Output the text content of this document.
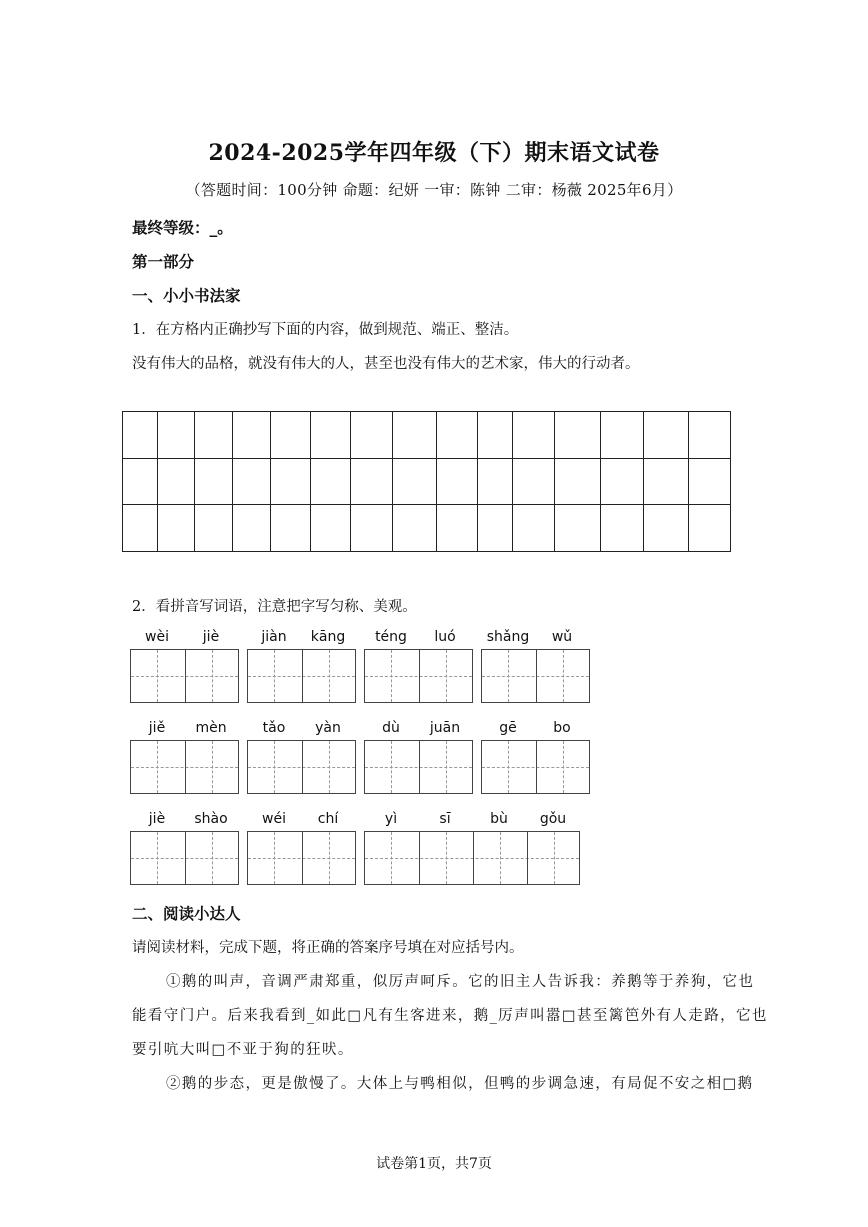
2024-2025学年四年级（下）期末语文试卷
（答题时间：100分钟 命题：纪妍 一审：陈钟 二审：杨薇 2025年6月）
最终等级：_。
第一部分
一、小小书法家
1．在方格内正确抄写下面的内容，做到规范、端正、整洁。
没有伟大的品格，就没有伟大的人，甚至也没有伟大的艺术家，伟大的行动者。

2．看拼音写词语，注意把字写匀称、美观。
wèi	jiè	jiàn	kāng	téng	luó	shǎng	wǔ
jiě	mèn	tǎo	yàn	dù	juān	gē	bo
jiè	shào	wéi	chí	yì	sī	bù	gǒu
二、阅读小达人
请阅读材料，完成下题，将正确的答案序号填在对应括号内。
①鹅的叫声，音调严肃郑重，似厉声呵斥。它的旧主人告诉我：养鹅等于养狗，它也
能看守门户。后来我看到_如此□凡有生客进来，鹅_厉声叫嚣□甚至篱笆外有人走路，它也
要引吭大叫□不亚于狗的狂吠。
②鹅的步态，更是傲慢了。大体上与鸭相似，但鸭的步调急速，有局促不安之相□鹅
试卷第1页，共7页
